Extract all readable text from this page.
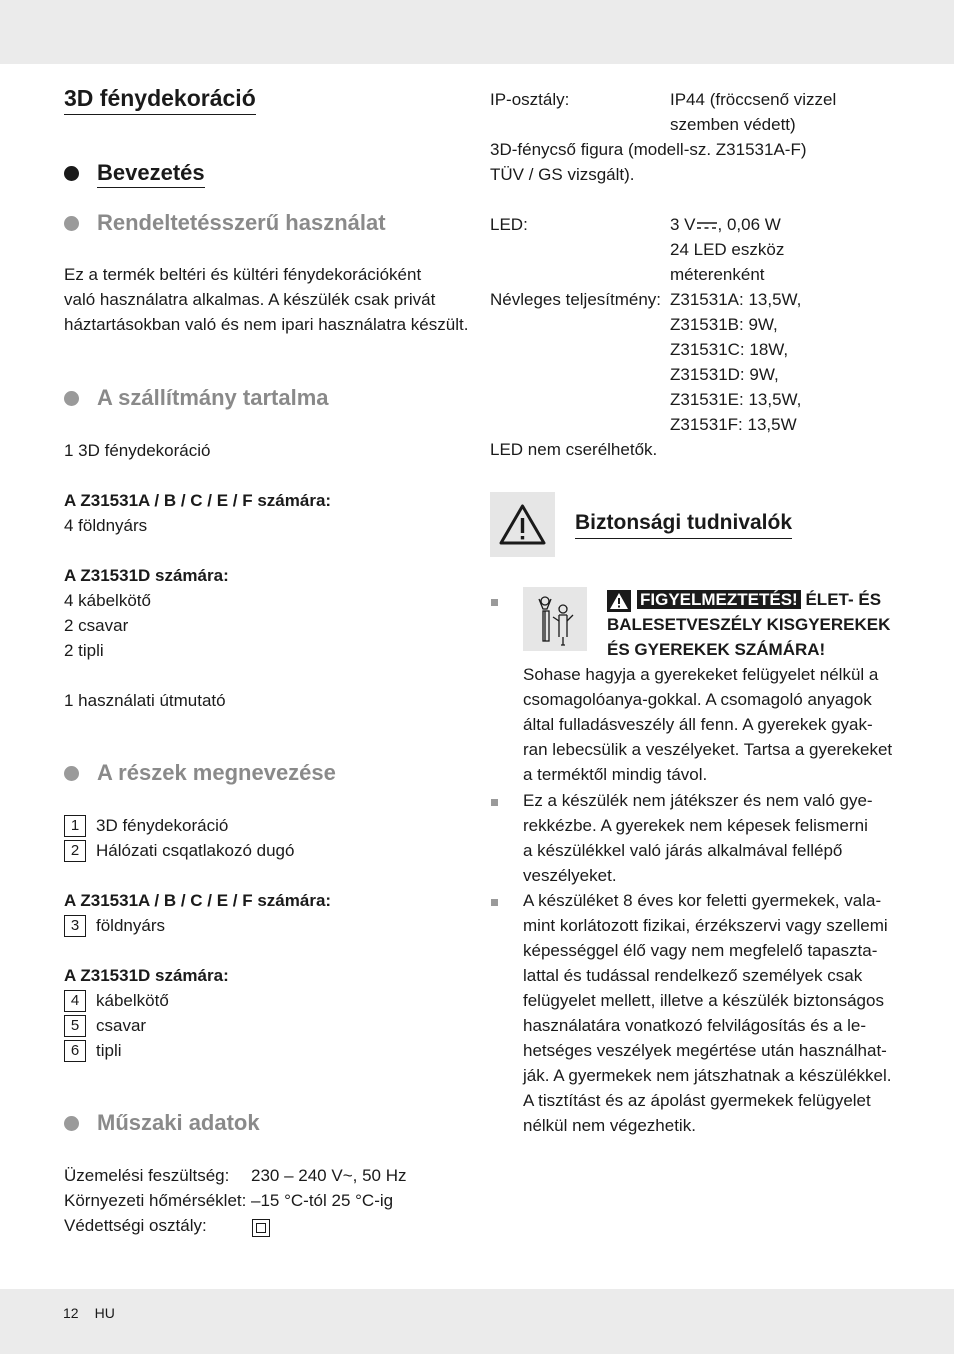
3D fénydekoráció
Bevezetés
Rendeltetésszerű használat
Ez a termék beltéri és kültéri fénydekorációként
való használatra alkalmas. A készülék csak privát
háztartásokban való és nem ipari használatra készült.
A szállítmány tartalma
1 3D fénydekoráció
A Z31531A / B / C / E / F számára:
4 földnyárs
A Z31531D számára:
4 kábelkötő
2 csavar
2 tipli
1 használati útmutató
A részek megnevezése
1 3D fénydekoráció
2 Hálózati csqatlakozó dugó
A Z31531A / B / C / E / F számára:
3 földnyárs
A Z31531D számára:
4 kábelkötő
5 csavar
6 tipli
Műszaki adatok
Üzemelési feszültség: 230 – 240 V~, 50 Hz
Környezeti hőmérséklet: –15 °C-tól 25 °C-ig
Védettségi osztály:
IP-osztály:	IP44 (fröccsenő vizzel
szemben védett)
3D-fénycső figura (modell-sz. Z31531A-F)
TÜV / GS vizsgált).
LED:	3 V , 0,06 W
24 LED eszköz
méterenként
Névleges teljesítmény: Z31531A: 13,5W,
Z31531B: 9W,
Z31531C: 18W,
Z31531D: 9W,
Z31531E: 13,5W,
Z31531F: 13,5W
LED nem cserélhetők.
Biztonsági tudnivalók
FIGYELMEZTETÉS! ÉLET- ÉS
BALESETVESZÉLY KISGYEREKEK
ÉS GYEREKEK SZÁMÁRA!
Sohase hagyja a gyerekeket felügyelet nélkül a
csomagolóanya-gokkal. A csomagoló anyagok
által fulladásveszély áll fenn. A gyerekek gyak-
ran lebecsülik a veszélyeket. Tartsa a gyerekeket
a terméktől mindig távol.
Ez a készülék nem játékszer és nem való gye-
rekkézbe. A gyerekek nem képesek felismerni
a készülékkel való járás alkalmával fellépő
veszélyeket.
A készüléket 8 éves kor feletti gyermekek, vala-
mint korlátozott fizikai, érzékszervi vagy szellemi
képességgel élő vagy nem megfelelő tapaszta-
lattal és tudással rendelkező személyek csak
felügyelet mellett, illetve a készülék biztonságos
használatára vonatkozó felvilágosítás és a le-
hetséges veszélyek megértése után használhat-
ják. A gyermekek nem játszhatnak a készülékkel.
A tisztítást és az ápolást gyermekek felügyelet
nélkül nem végezhetik.
12 HU
